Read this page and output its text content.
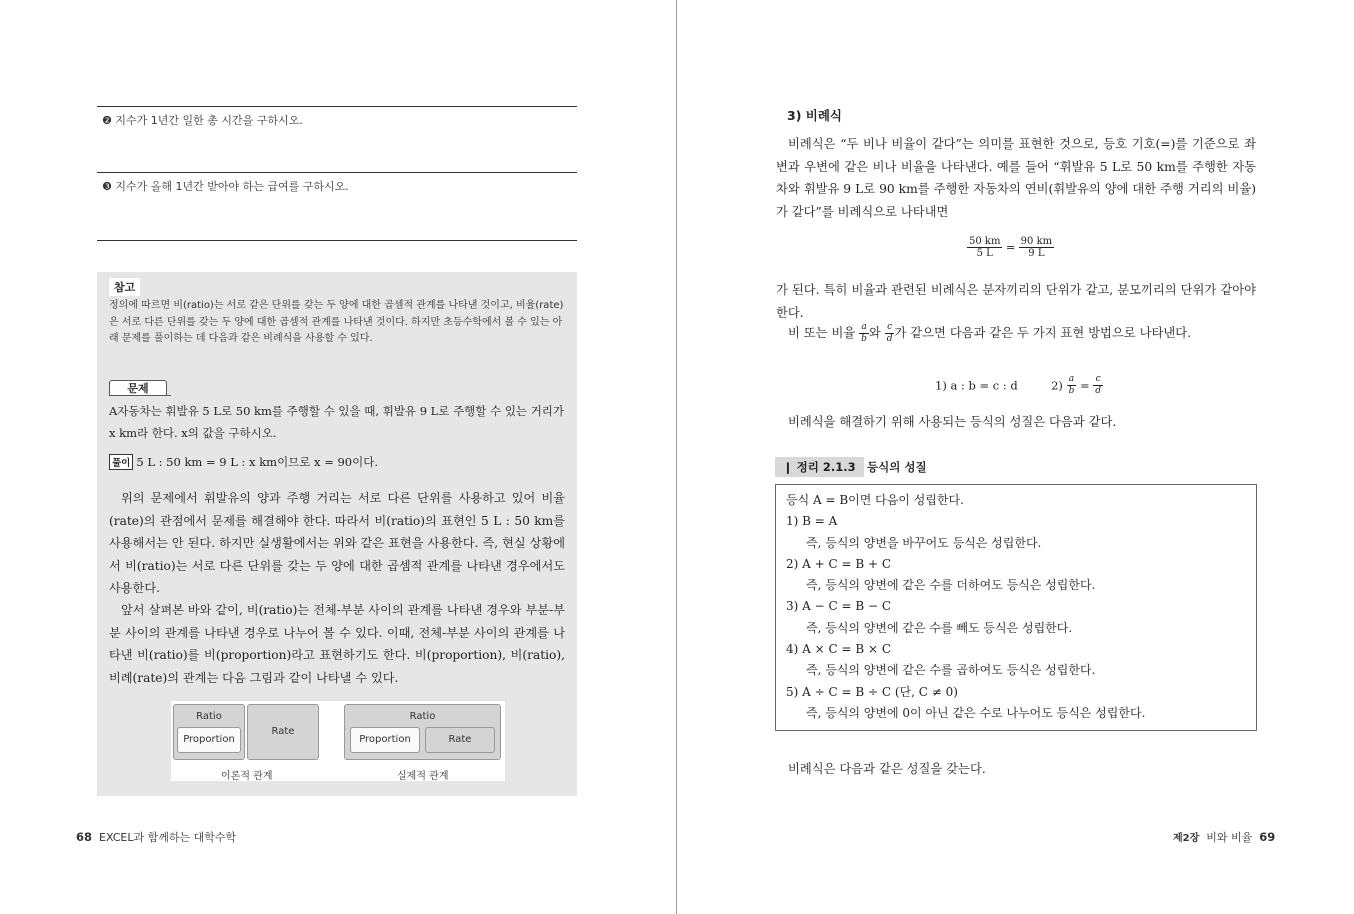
❷ 지수가 1년간 일한 총 시간을 구하시오.
❸ 지수가 올해 1년간 받아야 하는 급여를 구하시오.
참고
정의에 따르면 비(ratio)는 서로 같은 단위를 갖는 두 양에 대한 곱셈적 관계를 나타낸 것이고, 비율(rate)은 서로 다른 단위를 갖는 두 양에 대한 곱셈적 관계를 나타낸 것이다. 하지만 초등수학에서 볼 수 있는 아래 문제를 풀이하는 데 다음과 같은 비례식을 사용할 수 있다.
문제
A자동차는 휘발유 5 L로 50 km를 주행할 수 있을 때, 휘발유 9 L로 주행할 수 있는 거리가 x km라 한다. x의 값을 구하시오.
풀이 5 L : 50 km = 9 L : x km이므로 x = 90이다.
위의 문제에서 휘발유의 양과 주행 거리는 서로 다른 단위를 사용하고 있어 비율(rate)의 관점에서 문제를 해결해야 한다. 따라서 비(ratio)의 표현인 5 L : 50 km를 사용해서는 안 된다. 하지만 실생활에서는 위와 같은 표현을 사용한다. 즉, 현실 상황에서 비(ratio)는 서로 다른 단위를 갖는 두 양에 대한 곱셈적 관계를 나타낸 경우에서도 사용한다.
앞서 살펴본 바와 같이, 비(ratio)는 전체-부분 사이의 관계를 나타낸 경우와 부분-부분 사이의 관계를 나타낸 경우로 나누어 볼 수 있다. 이때, 전체-부분 사이의 관계를 나타낸 비(ratio)를 비(proportion)라고 표현하기도 한다. 비(proportion), 비(ratio), 비례(rate)의 관계는 다음 그림과 같이 나타낼 수 있다.
Ratio
Proportion
Rate
이론적 관계
Ratio
Proportion	Rate
실제적 관계
68 EXCEL과 함께하는 대학수학
3) 비례식
비례식은 “두 비나 비율이 같다”는 의미를 표현한 것으로, 등호 기호(=)를 기준으로 좌변과 우변에 같은 비나 비율을 나타낸다. 예를 들어 “휘발유 5 L로 50 km를 주행한 자동차와 휘발유 9 L로 90 km를 주행한 자동차의 연비(휘발유의 양에 대한 주행 거리의 비율)가 같다”를 비례식으로 나타내면
$\frac{50 km}{5 L} = \frac{90 km}{9 L}$
가 된다. 특히 비율과 관련된 비례식은 분자끼리의 단위가 같고, 분모끼리의 단위가 같아야 한다.
비 또는 비율 $\frac{a}{b}$ 와 $\frac{c}{d}$ 가 같으면 다음과 같은 두 가지 표현 방법으로 나타낸다.
1) a : b = c : d	$2) \frac{a}{b} = \frac{c}{d}$
비례식을 해결하기 위해 사용되는 등식의 성질은 다음과 같다.
❙ 정리 2.1.3 등식의 성질
등식 A = B이면 다음이 성립한다.
1) B = A
즉, 등식의 양변을 바꾸어도 등식은 성립한다.
2) A + C = B + C
즉, 등식의 양변에 같은 수를 더하여도 등식은 성립한다.
3) A − C = B − C
즉, 등식의 양변에 같은 수를 빼도 등식은 성립한다.
4) A × C = B × C
즉, 등식의 양변에 같은 수를 곱하여도 등식은 성립한다.
5) A ÷ C = B ÷ C (단, C ≠ 0)
즉, 등식의 양변에 0이 아닌 같은 수로 나누어도 등식은 성립한다.
비례식은 다음과 같은 성질을 갖는다.
제2장 비와 비율 69
